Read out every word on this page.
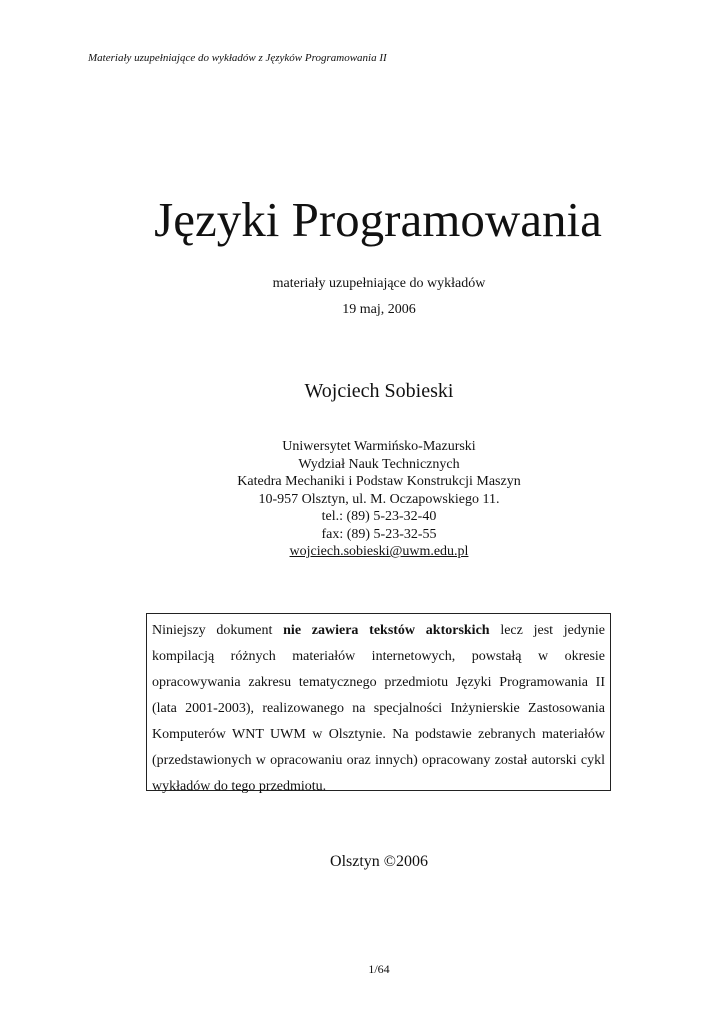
Materiały uzupełniające do wykładów z Języków Programowania II
Języki Programowania
materiały uzupełniające do wykładów
19 maj, 2006
Wojciech Sobieski
Uniwersytet Warmińsko-Mazurski
Wydział Nauk Technicznych
Katedra Mechaniki i Podstaw Konstrukcji Maszyn
10-957 Olsztyn, ul. M. Oczapowskiego 11.
tel.: (89) 5-23-32-40
fax: (89) 5-23-32-55
wojciech.sobieski@uwm.edu.pl
Niniejszy dokument nie zawiera tekstów aktorskich lecz jest jedynie kompilacją różnych materiałów internetowych, powstałą w okresie opracowywania zakresu tematycznego przedmiotu Języki Programowania II (lata 2001-2003), realizowanego na specjalności Inżynierskie Zastosowania Komputerów WNT UWM w Olsztynie. Na podstawie zebranych materiałów (przedstawionych w opracowaniu oraz innych) opracowany został autorski cykl wykładów do tego przedmiotu.
Olsztyn ©2006
1/64
